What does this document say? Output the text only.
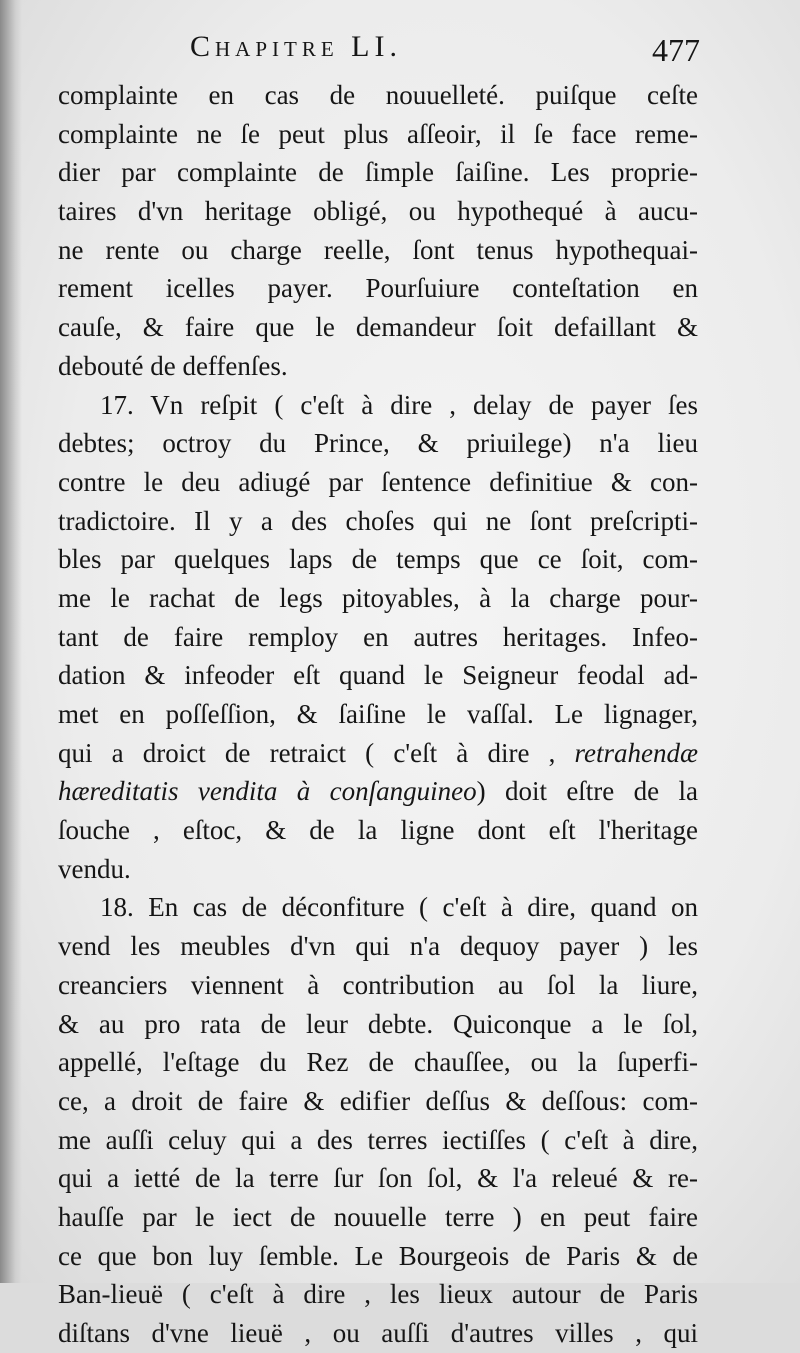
Chapitre LI.	477
complainte en cas de nouuelleté. puiſque ceſte
complainte ne ſe peut plus aſſeoir, il ſe face reme-
dier par complainte de ſimple ſaiſine. Les proprie-
taires d'vn heritage obligé, ou hypothequé à aucu-
ne rente ou charge reelle, ſont tenus hypothequai-
rement icelles payer. Pourſuiure conteſtation en
cauſe, & faire que le demandeur ſoit defaillant &
debouté de deffenſes.
17. Vn reſpit ( c'eſt à dire , delay de payer ſes
debtes; octroy du Prince, & priuilege) n'a lieu
contre le deu adiugé par ſentence definitiue & con-
tradictoire. Il y a des choſes qui ne ſont preſcripti-
bles par quelques laps de temps que ce ſoit, com-
me le rachat de legs pitoyables, à la charge pour-
tant de faire remploy en autres heritages. Infeo-
dation & infeoder eſt quand le Seigneur feodal ad-
met en poſſeſſion, & ſaiſine le vaſſal. Le lignager,
qui a droict de retraict ( c'eſt à dire , retrahendæ
hæreditatis vendita à conſanguineo) doit eſtre de la
ſouche , eſtoc, & de la ligne dont eſt l'heritage
vendu.
18. En cas de déconfiture ( c'eſt à dire, quand on
vend les meubles d'vn qui n'a dequoy payer ) les
creanciers viennent à contribution au ſol la liure,
& au pro rata de leur debte. Quiconque a le ſol,
appellé, l'eſtage du Rez de chauſſee, ou la ſuperfi-
ce, a droit de faire & edifier deſſus & deſſous: com-
me auſſi celuy qui a des terres iectiſſes ( c'eſt à dire,
qui a ietté de la terre ſur ſon ſol, & l'a releué & re-
hauſſe par le iect de nouuelle terre ) en peut faire
ce que bon luy ſemble. Le Bourgeois de Paris & de
Ban-lieuë ( c'eſt à dire , les lieux autour de Paris
diſtans d'vne lieuë , ou auſſi d'autres villes , qui
